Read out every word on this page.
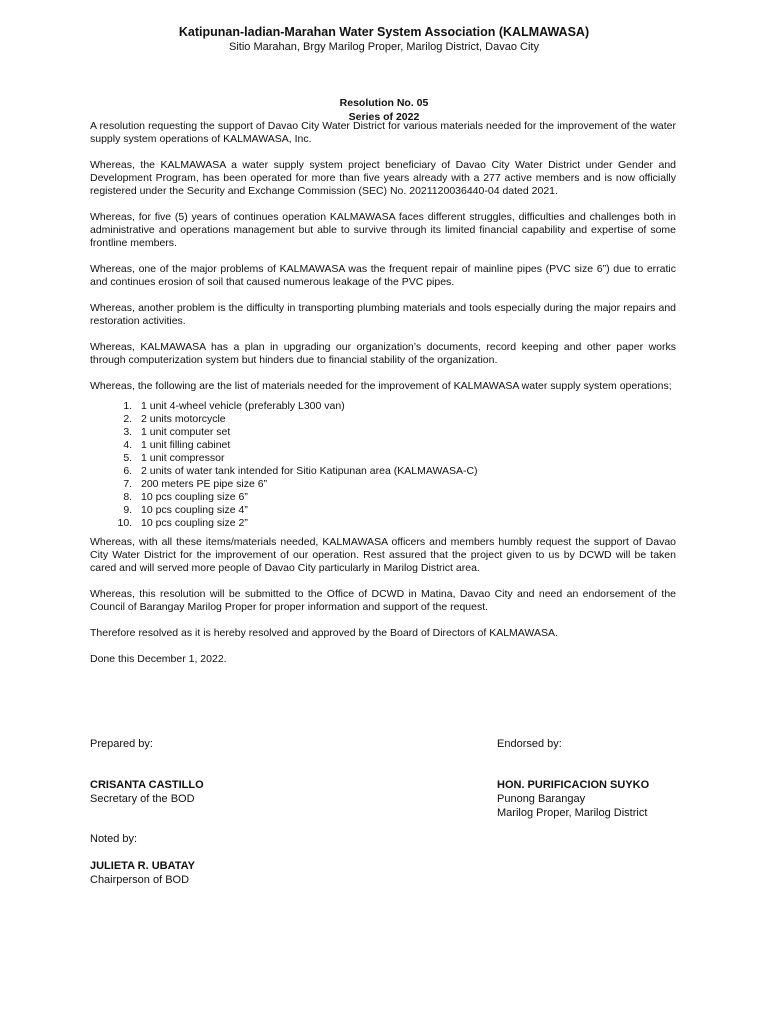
Katipunan-ladian-Marahan Water System Association (KALMAWASA)
Sitio Marahan, Brgy Marilog Proper, Marilog District, Davao City
Resolution No. 05
Series of 2022

A resolution requesting the support of Davao City Water District for various materials needed for the improvement of the water supply system operations of KALMAWASA, Inc.

Whereas, the KALMAWASA a water supply system project beneficiary of Davao City Water District under Gender and Development Program, has been operated for more than five years already with a 277 active members and is now officially registered under the Security and Exchange Commission (SEC) No. 2021120036440-04 dated 2021.

Whereas, for five (5) years of continues operation KALMAWASA faces different struggles, difficulties and challenges both in administrative and operations management but able to survive through its limited financial capability and expertise of some frontline members.

Whereas, one of the major problems of KALMAWASA was the frequent repair of mainline pipes (PVC size 6”) due to erratic and continues erosion of soil that caused numerous leakage of the PVC pipes.

Whereas, another problem is the difficulty in transporting plumbing materials and tools especially during the major repairs and restoration activities.

Whereas, KALMAWASA has a plan in upgrading our organization’s documents, record keeping and other paper works through computerization system but hinders due to financial stability of the organization.

Whereas, the following are the list of materials needed for the improvement of KALMAWASA water supply system operations;

1. 1 unit 4-wheel vehicle (preferably L300 van)
2. 2 units motorcycle
3. 1 unit computer set
4. 1 unit filling cabinet
5. 1 unit compressor
6. 2 units of water tank intended for Sitio Katipunan area (KALMAWASA-C)
7. 200 meters PE pipe size 6”
8. 10 pcs coupling size 6”
9. 10 pcs coupling size 4”
10. 10 pcs coupling size 2”

Whereas, with all these items/materials needed, KALMAWASA officers and members humbly request the support of Davao City Water District for the improvement of our operation. Rest assured that the project given to us by DCWD will be taken cared and will served more people of Davao City particularly in Marilog District area.

Whereas, this resolution will be submitted to the Office of DCWD in Matina, Davao City and need an endorsement of the Council of Barangay Marilog Proper for proper information and support of the request.

Therefore resolved as it is hereby resolved and approved by the Board of Directors of KALMAWASA.

Done this December 1, 2022.

Prepared by:
CRISANTA CASTILLO
Secretary of the BOD
Endorsed by:
HON. PURIFICACION SUYKO
Punong Barangay
Marilog Proper, Marilog District
Noted by:
JULIETA R. UBATAY
Chairperson of BOD
